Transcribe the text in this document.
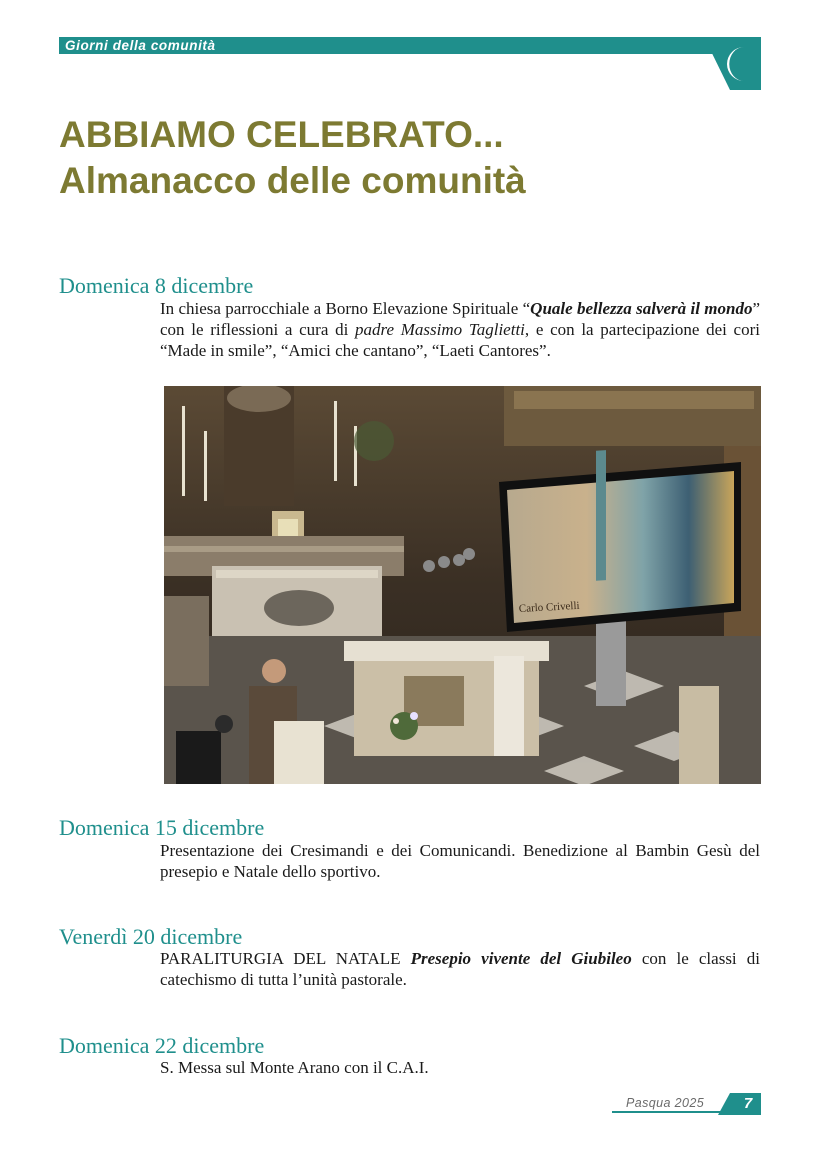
Giorni della comunità
ABBIAMO CELEBRATO...
Almanacco delle comunità
Domenica 8 dicembre
In chiesa parrocchiale a Borno Elevazione Spirituale “Quale bellezza salverà il mondo” con le riflessioni a cura di padre Massimo Taglietti, e con la partecipazione dei cori “Made in smile”, “Amici che cantano”, “Laeti Cantores”.
Carlo Crivelli
Domenica 15 dicembre
Presentazione dei Cresimandi e dei Comunicandi. Benedizione al Bambin Gesù del presepio e Natale dello sportivo.
Venerdì 20 dicembre
PARALITURGIA DEL NATALE Presepio vivente del Giubileo con le classi di catechismo di tutta l’unità pastorale.
Domenica 22 dicembre
S. Messa sul Monte Arano con il C.A.I.
Pasqua 2025	7
